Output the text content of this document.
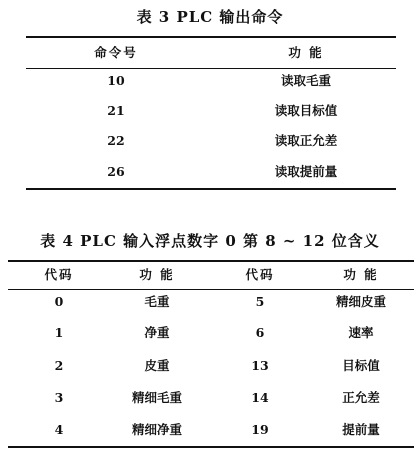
表 3 PLC 输出命令
命令号	功 能
10	读取毛重
21	读取目标值
22	读取正允差
26	读取提前量
表 4 PLC 输入浮点数字 0 第 8 ~ 12 位含义
代码	功 能	代码	功 能
0	毛重	5	精细皮重
1	净重	6	速率
2	皮重	13	目标值
3	精细毛重	14	正允差
4	精细净重	19	提前量
